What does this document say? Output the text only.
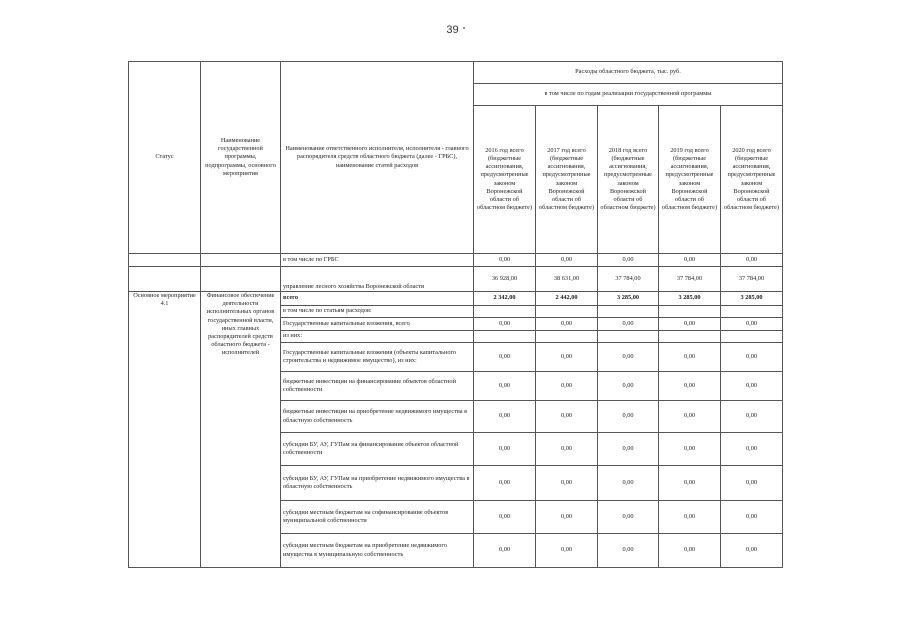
39
Статус	Наименование государственной программы, подпрограммы, основного мероприятия	Наименование ответственного исполнителя, исполнителя - главного распорядителя средств областного бюджета (далее - ГРБС), наименование статей расходов	Расходы областного бюджета, тыс. руб.				
			в том числе по годам реализации государственной программы				
			2016 год всего (бюджетные ассигнования, предусмотренные законом Воронежской области об областном бюджете)	2017 год всего (бюджетные ассигнования, предусмотренные законом Воронежской области об областном бюджете)	2018 год всего (бюджетные ассигнования, предусмотренные законом Воронежской области об областном бюджете)	2019 год всего (бюджетные ассигнования, предусмотренные законом Воронежской области об областном бюджете)	2020 год всего (бюджетные ассигнования, предусмотренные законом Воронежской области об областном бюджете)
		в том числе по ГРБС	0,00	0,00	0,00	0,00	0,00
		управление лесного хозяйства Воронежской области	36 928,00	38 631,00	37 784,00	37 784,00	37 784,00
Основное мероприятие 4.1	Финансовое обеспечение деятельности исполнительных органов государственной власти, иных главных распорядителей средств областного бюджета - исполнителей	всего	2 342,00	2 442,00	3 285,00	3 285,00	3 285,00
		в том числе по статьям расходов:					
		Государственные капитальные вложения, всего	0,00	0,00	0,00	0,00	0,00
		из них:					
		Государственные капитальные вложения (объекты капитального строительства и недвижимое имущество), из них:	0,00	0,00	0,00	0,00	0,00
		бюджетные инвестиции на финансирование объектов областной собственности	0,00	0,00	0,00	0,00	0,00
		бюджетные инвестиции на приобретение недвижимого имущества в областную собственность	0,00	0,00	0,00	0,00	0,00
		субсидии БУ, АУ, ГУПам на финансирование объектов областной собственности	0,00	0,00	0,00	0,00	0,00
		субсидии БУ, АУ, ГУПам на приобретение недвижимого имущества в областную собственность	0,00	0,00	0,00	0,00	0,00
		субсидии местным бюджетам на софинансирование объектов муниципальной собственности	0,00	0,00	0,00	0,00	0,00
		субсидии местным бюджетам на приобретение недвижимого имущества в муниципальную собственность	0,00	0,00	0,00	0,00	0,00
